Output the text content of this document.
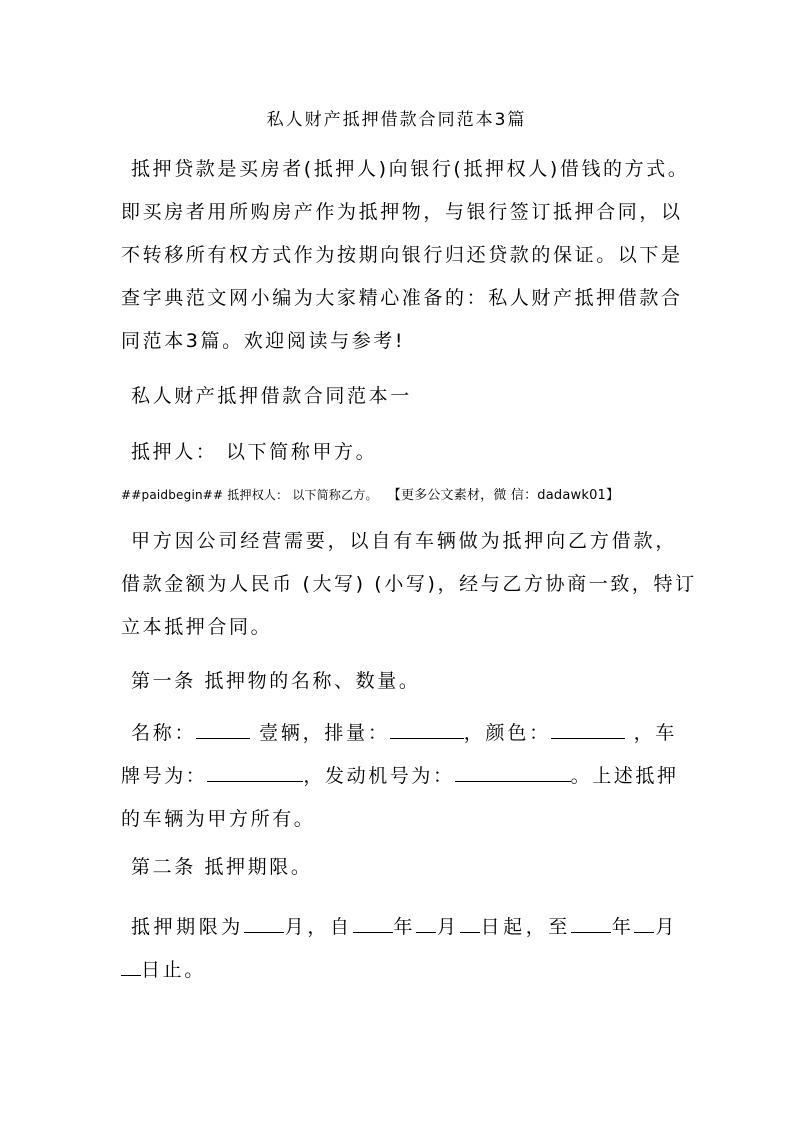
私人财产抵押借款合同范本3篇
抵押贷款是买房者(抵押人)向银行(抵押权人)借钱的方式。
即买房者用所购房产作为抵押物，与银行签订抵押合同，以
不转移所有权方式作为按期向银行归还贷款的保证。以下是
查字典范文网小编为大家精心准备的：私人财产抵押借款合
同范本3篇。欢迎阅读与参考!
私人财产抵押借款合同范本一
抵押人： 以下简称甲方。
##paidbegin## 抵押权人： 以下简称乙方。 【更多公文素材，微 信：dadawk01】
甲方因公司经营需要，以自有车辆做为抵押向乙方借款，
借款金额为人民币 (大写) (小写)，经与乙方协商一致，特订
立本抵押合同。
第一条 抵押物的名称、数量。
名称：	壹辆，排量：	，颜色：	，车
牌号为：	，发动机号为：	。上述抵押
的车辆为甲方所有。
第二条 抵押期限。
抵押期限为 月，自 年 月 日起，至 年 月
日止。
